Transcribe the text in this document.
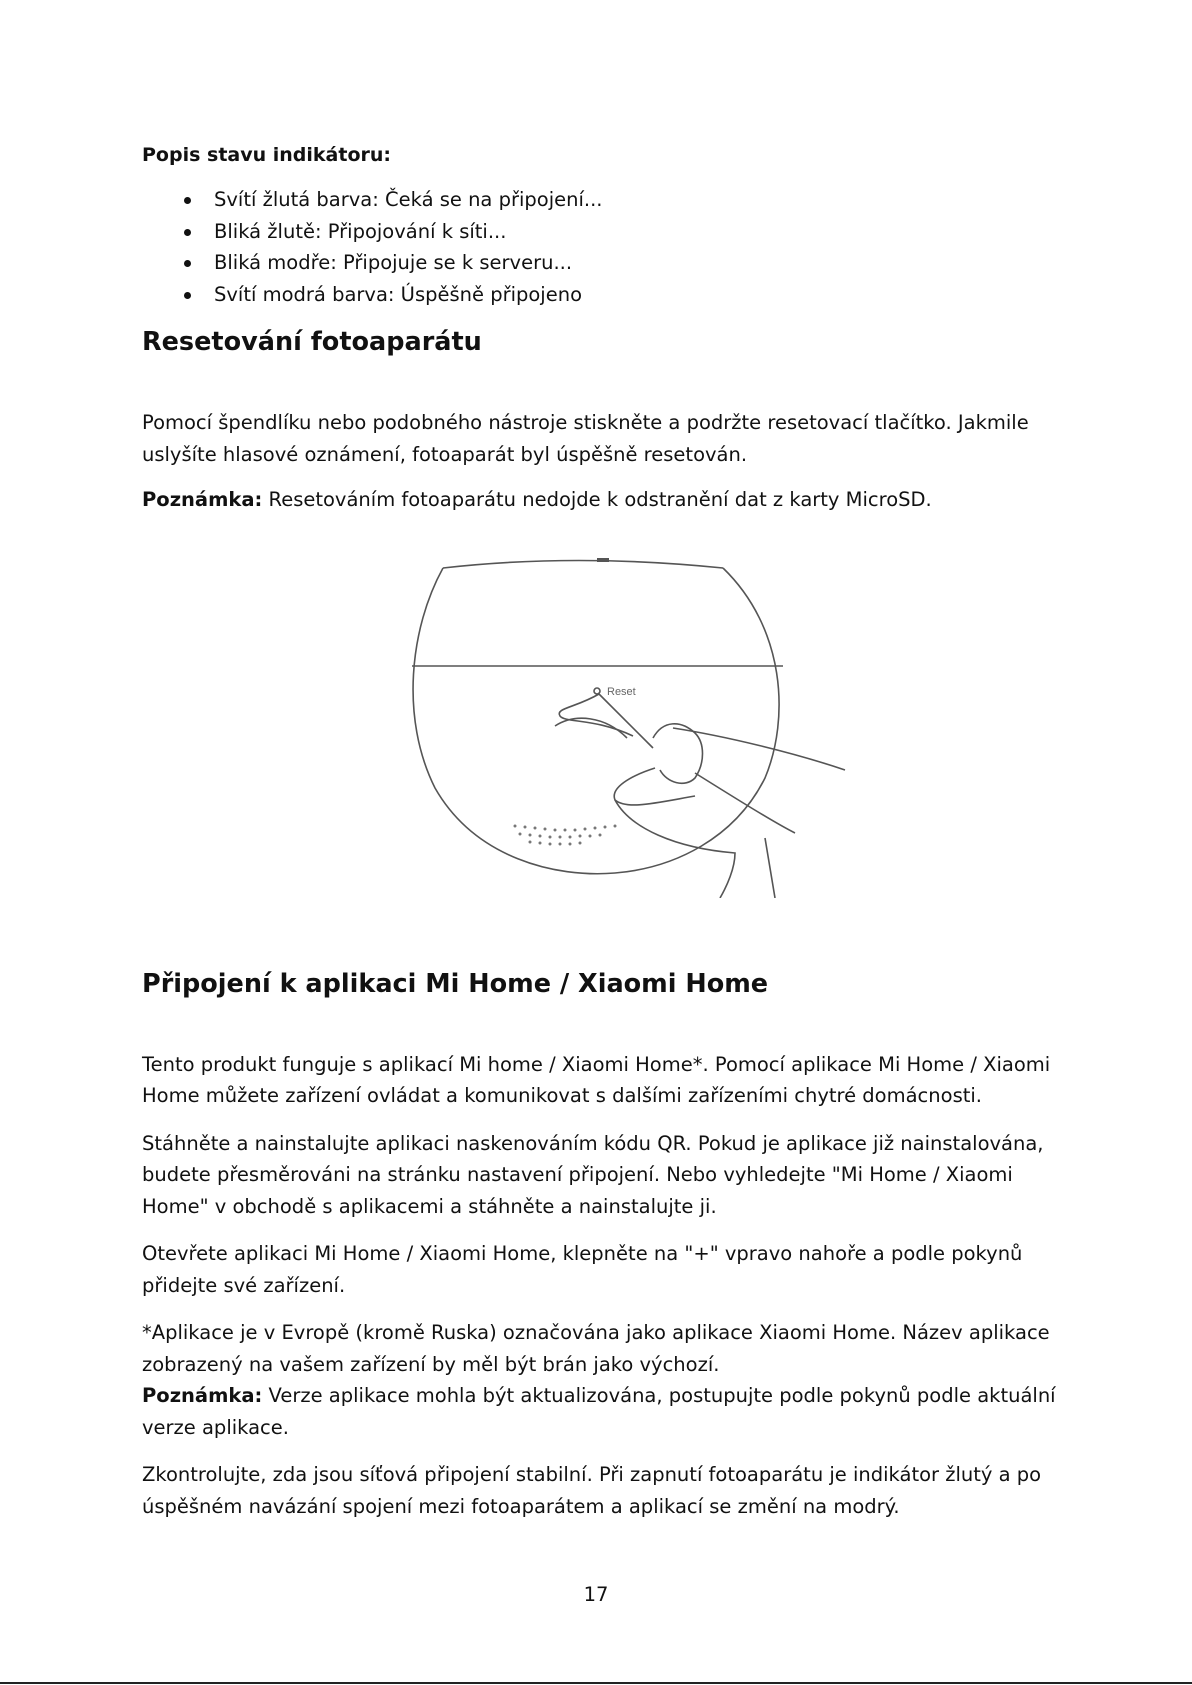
Popis stavu indikátoru:
Svítí žlutá barva: Čeká se na připojení...
Bliká žlutě: Připojování k síti...
Bliká modře: Připojuje se k serveru...
Svítí modrá barva: Úspěšně připojeno
Resetování fotoaparátu

Pomocí špendlíku nebo podobného nástroje stiskněte a podržte resetovací tlačítko. Jakmile uslyšíte hlasové oznámení, fotoaparát byl úspěšně resetován.

Poznámka: Resetováním fotoaparátu nedojde k odstranění dat z karty MicroSD.

Připojení k aplikaci Mi Home / Xiaomi Home

Tento produkt funguje s aplikací Mi home / Xiaomi Home*. Pomocí aplikace Mi Home / Xiaomi Home můžete zařízení ovládat a komunikovat s dalšími zařízeními chytré domácnosti.

Stáhněte a nainstalujte aplikaci naskenováním kódu QR. Pokud je aplikace již nainstalována, budete přesměrováni na stránku nastavení připojení. Nebo vyhledejte "Mi Home / Xiaomi Home" v obchodě s aplikacemi a stáhněte a nainstalujte ji.

Otevřete aplikaci Mi Home / Xiaomi Home, klepněte na "+" vpravo nahoře a podle pokynů přidejte své zařízení.

*Aplikace je v Evropě (kromě Ruska) označována jako aplikace Xiaomi Home. Název aplikace zobrazený na vašem zařízení by měl být brán jako výchozí.

Poznámka: Verze aplikace mohla být aktualizována, postupujte podle pokynů podle aktuální verze aplikace.

Zkontrolujte, zda jsou síťová připojení stabilní. Při zapnutí fotoaparátu je indikátor žlutý a po úspěšném navázání spojení mezi fotoaparátem a aplikací se změní na modrý.

Reset
17
